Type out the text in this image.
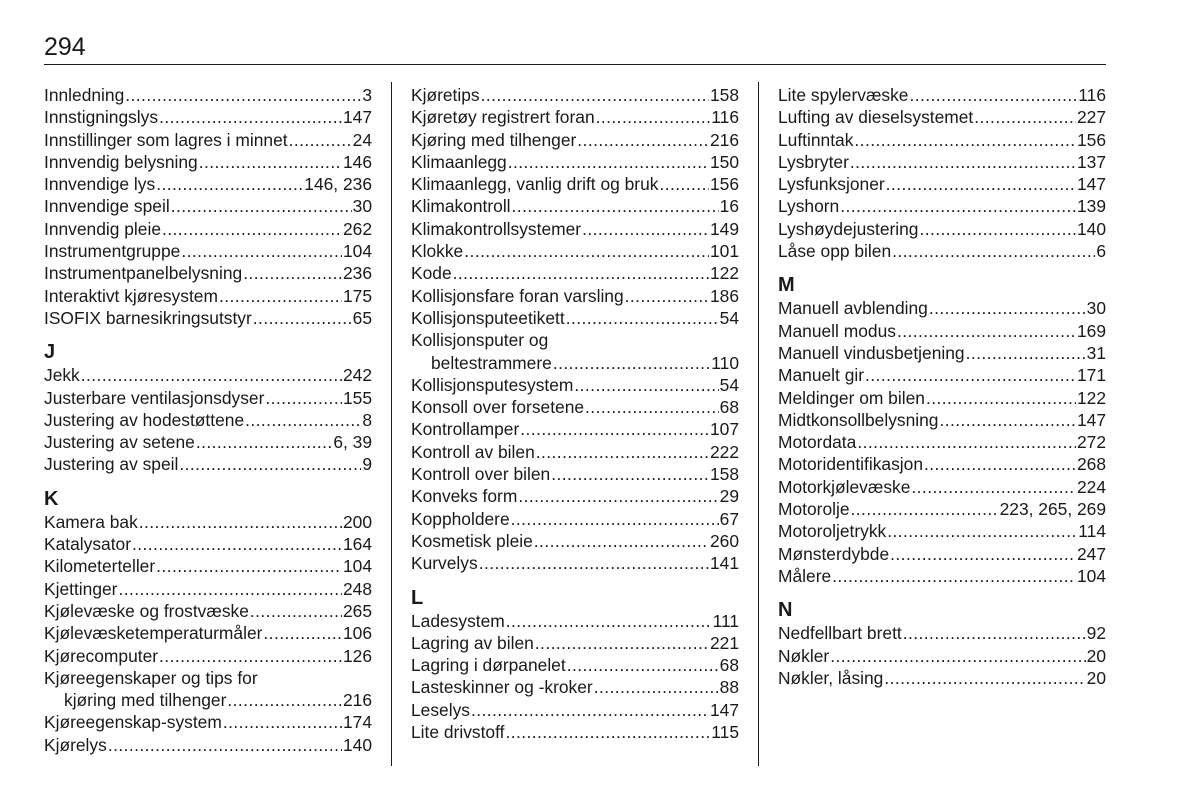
294
Innledning . . .	3
Innstigningslys . . .	147
Innstillinger som lagres i minnet . . .	24
Innvendig belysning . . .	146
Innvendige lys . . .	146, 236
Innvendige speil . . .	30
Innvendig pleie . . .	262
Instrumentgruppe . . .	104
Instrumentpanelbelysning . . .	236
Interaktivt kjøresystem . . .	175
ISOFIX barnesikringsutstyr . . .	65
J
Jekk . . .	242
Justerbare ventilasjonsdyser . . .	155
Justering av hodestøttene . . .	8
Justering av setene . . .	6, 39
Justering av speil . . .	9
K
Kamera bak . . .	200
Katalysator . . .	164
Kilometerteller . . .	104
Kjettinger . . .	248
Kjølevæske og frostvæske . . .	265
Kjølevæsketemperaturmåler . . .	106
Kjørecomputer . . .	126
Kjøreegenskaper og tips for
kjøring med tilhenger . . .	216
Kjøreegenskap-system . . .	174
Kjørelys . . .	140
Kjøretips . . .	158
Kjøretøy registrert foran . . .	116
Kjøring med tilhenger . . .	216
Klimaanlegg . . .	150
Klimaanlegg, vanlig drift og bruk . . .	156
Klimakontroll . . .	16
Klimakontrollsystemer . . .	149
Klokke . . .	101
Kode . . .	122
Kollisjonsfare foran varsling . . .	186
Kollisjonsputeetikett . . .	54
Kollisjonsputer og
beltestrammere . . .	110
Kollisjonsputesystem . . .	54
Konsoll over forsetene . . .	68
Kontrollamper . . .	107
Kontroll av bilen . . .	222
Kontroll over bilen . . .	158
Konveks form . . .	29
Koppholdere . . .	67
Kosmetisk pleie . . .	260
Kurvelys . . .	141
L
Ladesystem . . .	111
Lagring av bilen . . .	221
Lagring i dørpanelet . . .	68
Lasteskinner og -kroker . . .	88
Leselys . . .	147
Lite drivstoff . . .	115
Lite spylervæske . . .	116
Lufting av dieselsystemet . . .	227
Luftinntak . . .	156
Lysbryter . . .	137
Lysfunksjoner . . .	147
Lyshorn . . .	139
Lyshøydejustering . . .	140
Låse opp bilen . . .	6
M
Manuell avblending . . .	30
Manuell modus . . .	169
Manuell vindusbetjening . . .	31
Manuelt gir . . .	171
Meldinger om bilen . . .	122
Midtkonsollbelysning . . .	147
Motordata . . .	272
Motoridentifikasjon . . .	268
Motorkjølevæske . . .	224
Motorolje . . .	223, 265, 269
Motoroljetrykk . . .	114
Mønsterdybde . . .	247
Målere . . .	104
N
Nedfellbart brett . . .	92
Nøkler . . .	20
Nøkler, låsing . . .	20
